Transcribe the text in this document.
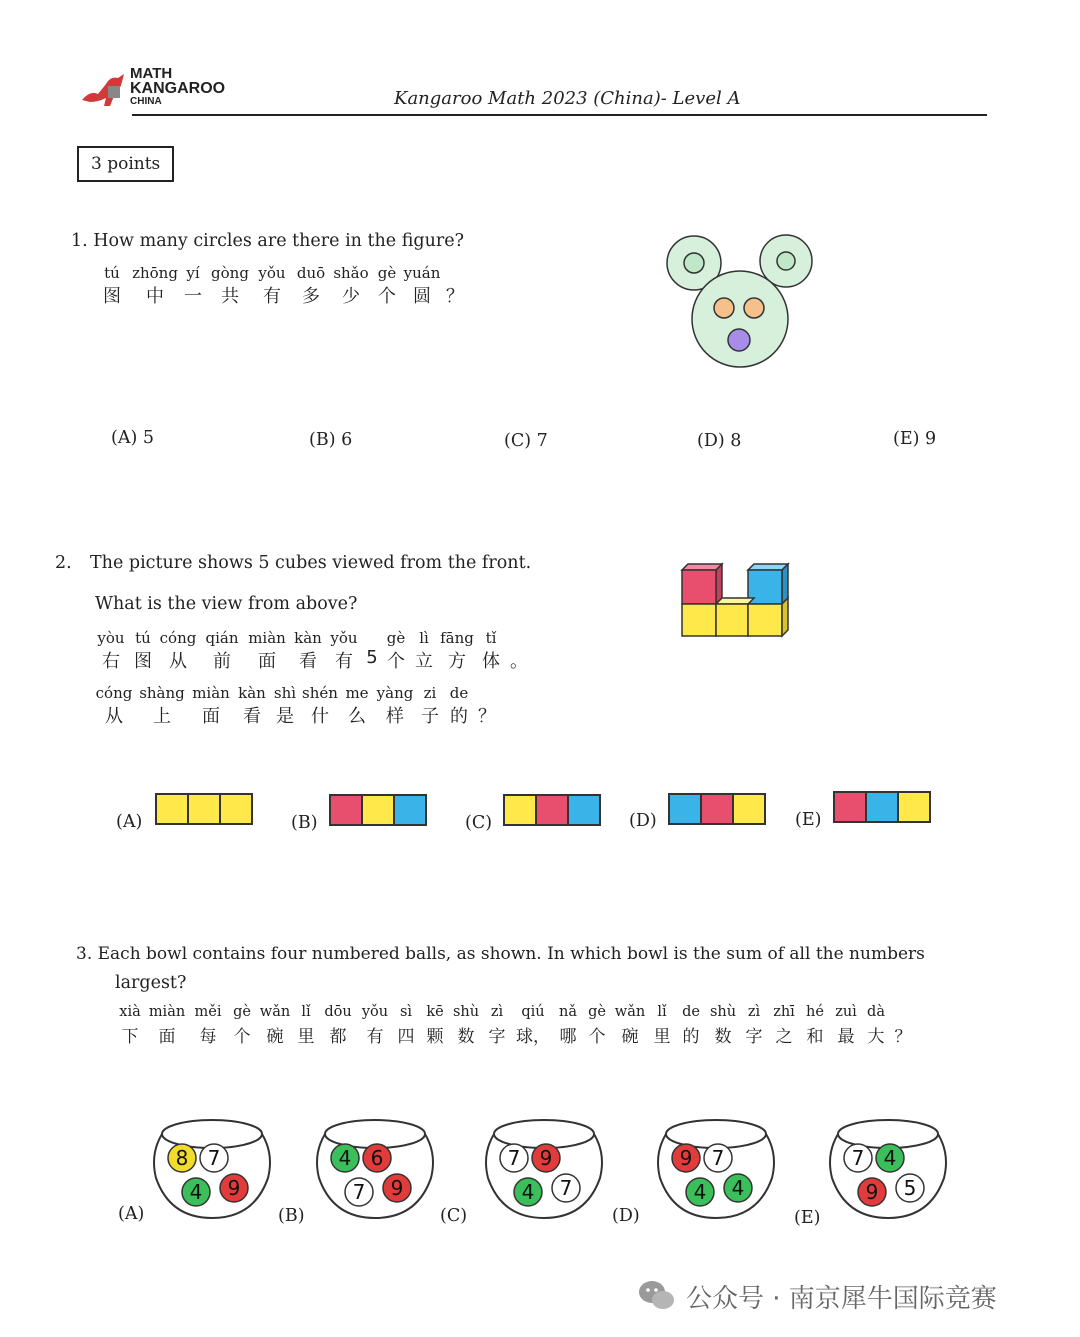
MATH
KANGAROO
CHINA	Kangaroo Math 2023 (China)- Level A
3 points
1. How many circles are there in the figure?
tú zhōng yí gòng yǒu duō shǎo gè yuán
图	中	一	共	有	多	少	个 圆 ？
(A) 5	(B) 6	(C) 7	(D) 8	(E) 9
2. The picture shows 5 cubes viewed from the front.
What is the view from above?
yòu tú cóng qián miàn kàn yǒu	gè lì fāng tǐ
右 图 从	前	面	看	有 5 个 立 方 体 。
cóng shàng miàn kàn shì shén me yàng zi de
从	上	面	看 是 什	么	样 子 的 ？
(A)	(B)	(C)	(D)	(E)
3. Each bowl contains four numbered balls, as shown. In which bowl is the sum of all the numbers
largest?
xià miàn měi gè wǎn lǐ dōu yǒu sì kē shù zì	qiú nǎ gè wǎn lǐ	de shù zì zhī hé zuì dà
下	面	每	个 碗 里 都	有 四 颗 数 字 球， 哪 个 碗 里 的 数 字 之 和 最 大 ？
(A)
8 7
4 9
(B)
4 6
7 9
(C)
7 9
4 7
(D)
9 7
4 4
(E)
7 4
9 5
公众号 · 南京犀牛国际竞赛
